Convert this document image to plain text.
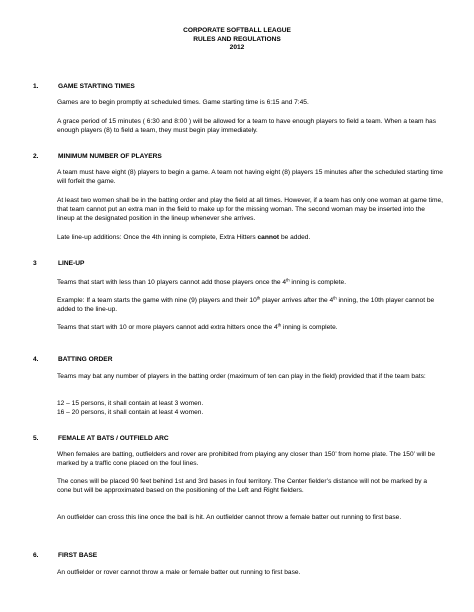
CORPORATE SOFTBALL LEAGUE
RULES AND REGULATIONS
2012
1.	GAME STARTING TIMES
Games are to begin promptly at scheduled times. Game starting time is 6:15 and 7:45.
A grace period of 15 minutes ( 6:30 and 8:00 ) will be allowed for a team to have enough players to field a team. When a team has enough players (8) to field a team, they must begin play immediately.
2.	MINIMUM NUMBER OF PLAYERS
A team must have eight (8) players to begin a game. A team not having eight (8) players 15 minutes after the scheduled starting time will forfeit the game.
At least two women shall be in the batting order and play the field at all times. However, if a team has only one woman at game time, that team cannot put an extra man in the field to make up for the missing woman. The second woman may be inserted into the lineup at the designated position in the lineup whenever she arrives.
Late line-up additions: Once the 4th inning is complete, Extra Hitters cannot be added.
3	LINE-UP
Teams that start with less than 10 players cannot add those players once the 4th inning is complete.
Example: If a team starts the game with nine (9) players and their 10th player arrives after the 4th inning, the 10th player cannot be added to the line-up.
Teams that start with 10 or more players cannot add extra hitters once the 4th inning is complete.
4.	BATTING ORDER
Teams may bat any number of players in the batting order (maximum of ten can play in the field) provided that if the team bats:
12 – 15 persons, it shall contain at least 3 women.
16 – 20 persons, it shall contain at least 4 women.
5.	FEMALE AT BATS / OUTFIELD ARC
When females are batting, outfielders and rover are prohibited from playing any closer than 150’ from home plate. The 150’ will be marked by a traffic cone placed on the foul lines.
The cones will be placed 90 feet behind 1st and 3rd bases in foul territory. The Center fielder’s distance will not be marked by a cone but will be approximated based on the positioning of the Left and Right fielders.
An outfielder can cross this line once the ball is hit. An outfielder cannot throw a female batter out running to first base.
6.	FIRST BASE
An outfielder or rover cannot throw a male or female batter out running to first base.
